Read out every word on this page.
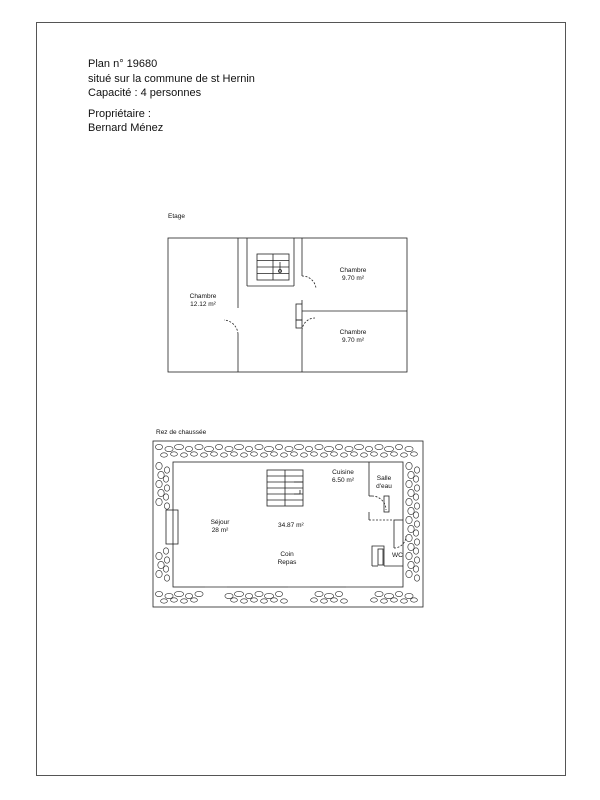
Plan n° 19680
situé sur la commune de st Hernin
Capacité : 4 personnes
Propriétaire :
Bernard Ménez
Etage
Chambre
12.12 m²
Chambre
9.70 m²
Chambre
9.70 m²
Rez de chaussée
Séjour
28 m²
34.87 m²
Coin
Repas
Cuisine
6.50 m²	Salle
d'eau
WC
